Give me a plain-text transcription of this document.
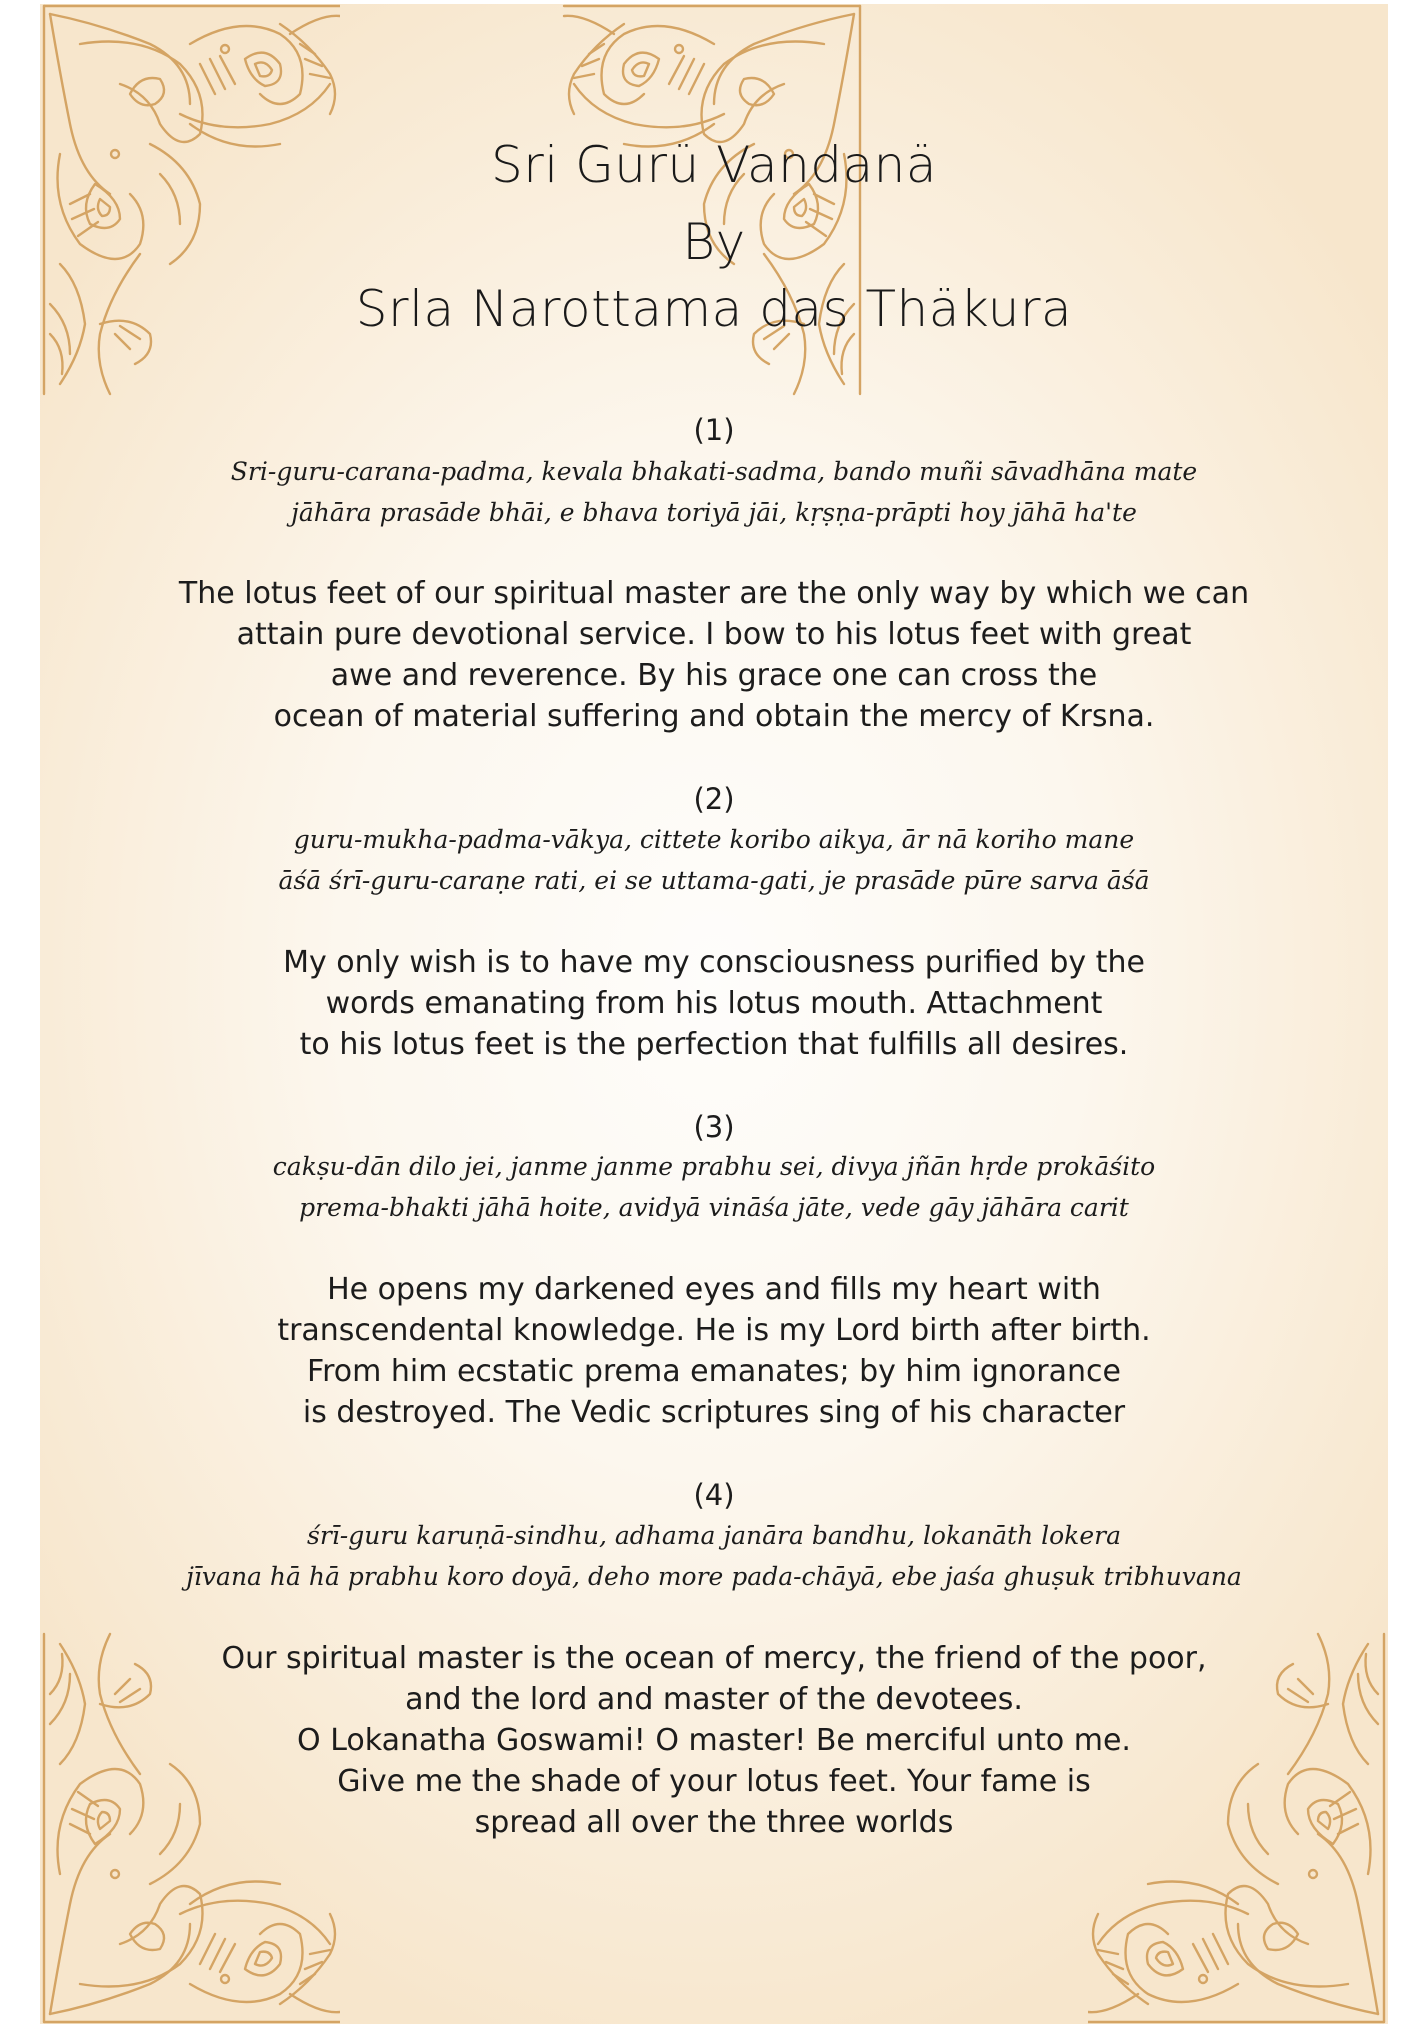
Sri Gurü Vandanä
By
Srla Narottama das Thäkura
(1)
Sri-guru-carana-padma, kevala bhakati-sadma, bando muñi sāvadhāna mate
jāhāra prasāde bhāi, e bhava toriyā jāi, kṛṣṇa-prāpti hoy jāhā ha'te
The lotus feet of our spiritual master are the only way by which we can
attain pure devotional service. I bow to his lotus feet with great
awe and reverence. By his grace one can cross the
ocean of material suffering and obtain the mercy of Krsna.
(2)
guru-mukha-padma-vākya, cittete koribo aikya, ār nā koriho mane
āśā śrī-guru-caraṇe rati, ei se uttama-gati, je prasāde pūre sarva āśā
My only wish is to have my consciousness purified by the
words emanating from his lotus mouth. Attachment
to his lotus feet is the perfection that fulfills all desires.
(3)
cakṣu-dān dilo jei, janme janme prabhu sei, divya jñān hṛde prokāśito
prema-bhakti jāhā hoite, avidyā vināśa jāte, vede gāy jāhāra carit
He opens my darkened eyes and fills my heart with
transcendental knowledge. He is my Lord birth after birth.
From him ecstatic prema emanates; by him ignorance
is destroyed. The Vedic scriptures sing of his character
(4)
śrī-guru karuṇā-sindhu, adhama janāra bandhu, lokanāth lokera
jīvana hā hā prabhu koro doyā, deho more pada-chāyā, ebe jaśa ghuṣuk tribhuvana
Our spiritual master is the ocean of mercy, the friend of the poor,
and the lord and master of the devotees.
O Lokanatha Goswami! O master! Be merciful unto me.
Give me the shade of your lotus feet. Your fame is
spread all over the three worlds
